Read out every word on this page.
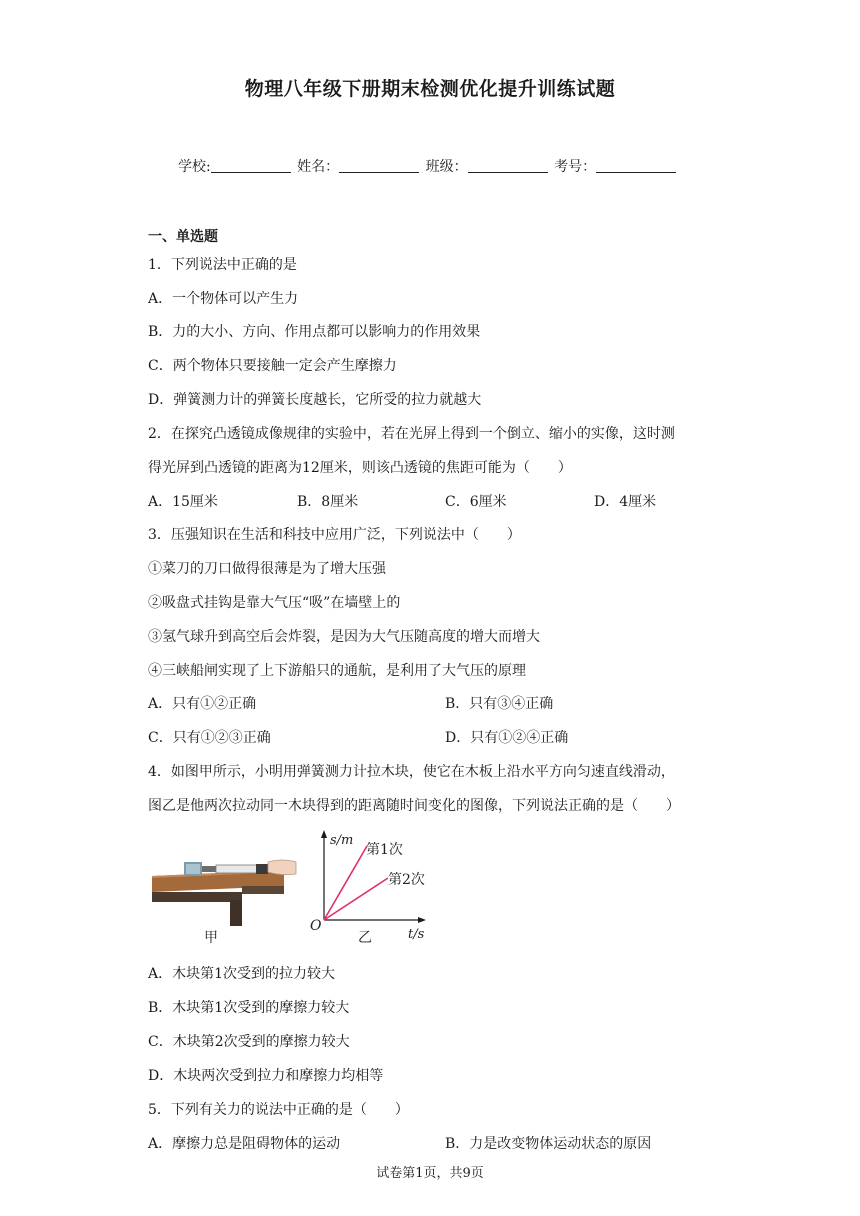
物理八年级下册期末检测优化提升训练试题
学校:	姓名：	班级：	考号：
一、单选题
1．下列说法中正确的是
A．一个物体可以产生力
B．力的大小、方向、作用点都可以影响力的作用效果
C．两个物体只要接触一定会产生摩擦力
D．弹簧测力计的弹簧长度越长，它所受的拉力就越大
2．在探究凸透镜成像规律的实验中，若在光屏上得到一个倒立、缩小的实像，这时测
得光屏到凸透镜的距离为12厘米，则该凸透镜的焦距可能为（　　）
A．15厘米	B．8厘米	C．6厘米	D．4厘米
3．压强知识在生活和科技中应用广泛，下列说法中（　　）
①菜刀的刀口做得很薄是为了增大压强
②吸盘式挂钩是靠大气压“吸”在墙壁上的
③氢气球升到高空后会炸裂，是因为大气压随高度的增大而增大
④三峡船闸实现了上下游船只的通航，是利用了大气压的原理
A．只有①②正确	B．只有③④正确
C．只有①②③正确	D．只有①②④正确
4．如图甲所示，小明用弹簧测力计拉木块，使它在木板上沿水平方向匀速直线滑动，
图乙是他两次拉动同一木块得到的距离随时间变化的图像，下列说法正确的是（　　）
甲
s/m
t/s
O
第1次
第2次
乙
A．木块第1次受到的拉力较大
B．木块第1次受到的摩擦力较大
C．木块第2次受到的摩擦力较大
D．木块两次受到拉力和摩擦力均相等
5．下列有关力的说法中正确的是（　　）
A．摩擦力总是阻碍物体的运动	B．力是改变物体运动状态的原因
试卷第1页，共9页
